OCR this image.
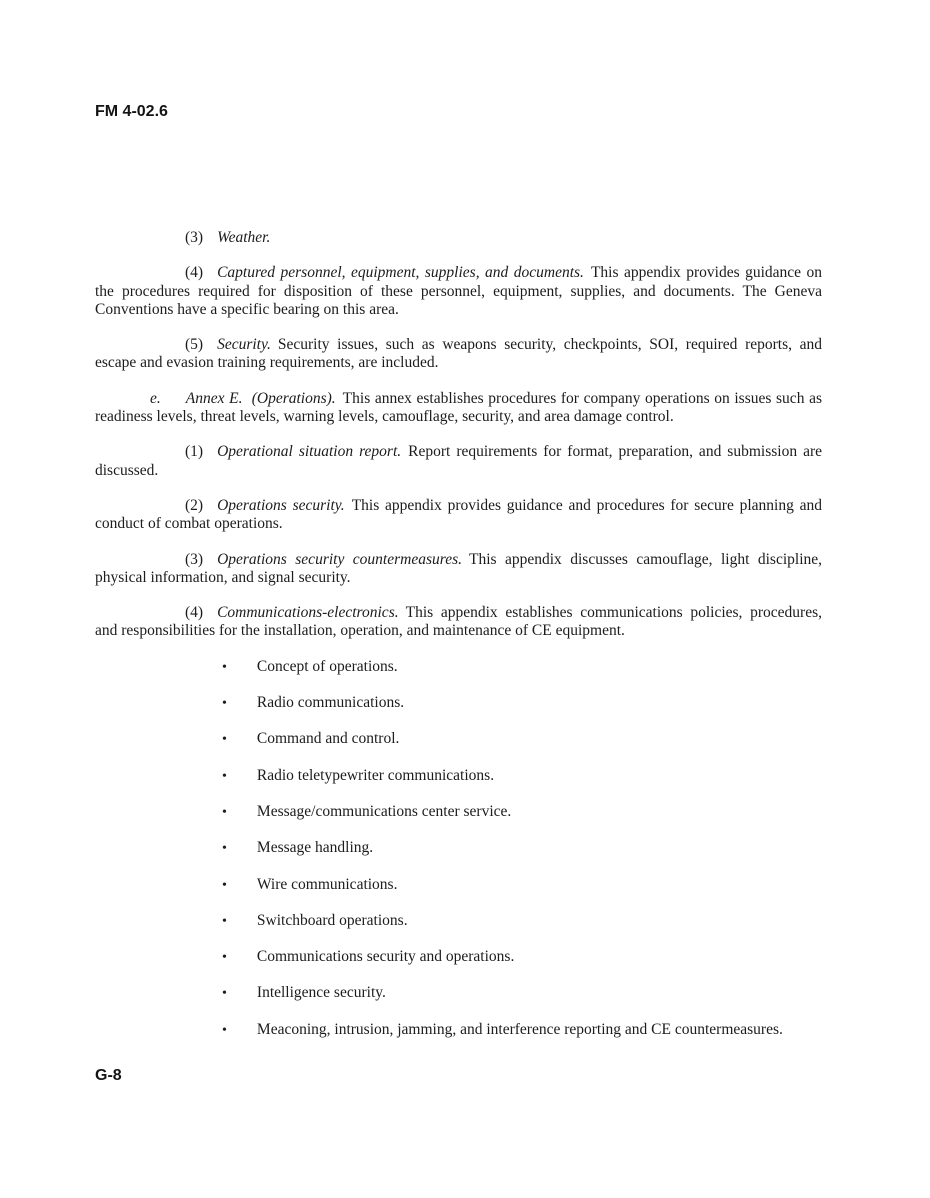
FM 4-02.6

(3) Weather.

(4) Captured personnel, equipment, supplies, and documents. This appendix provides guidance on the procedures required for disposition of these personnel, equipment, supplies, and documents. The Geneva Conventions have a specific bearing on this area.

(5) Security. Security issues, such as weapons security, checkpoints, SOI, required reports, and escape and evasion training requirements, are included.

e. Annex E.  (Operations). This annex establishes procedures for company operations on issues such as readiness levels, threat levels, warning levels, camouflage, security, and area damage control.

(1) Operational situation report. Report requirements for format, preparation, and submission are discussed.

(2) Operations security. This appendix provides guidance and procedures for secure planning and conduct of combat operations.

(3) Operations security countermeasures. This appendix discusses camouflage, light discipline, physical information, and signal security.

(4) Communications-electronics. This appendix establishes communications policies, procedures, and responsibilities for the installation, operation, and maintenance of CE equipment.

• Concept of operations.

• Radio communications.

• Command and control.

• Radio teletypewriter communications.

• Message/communications center service.

• Message handling.

• Wire communications.

• Switchboard operations.

• Communications security and operations.

• Intelligence security.

• Meaconing, intrusion, jamming, and interference reporting and CE countermeasures.

G-8
